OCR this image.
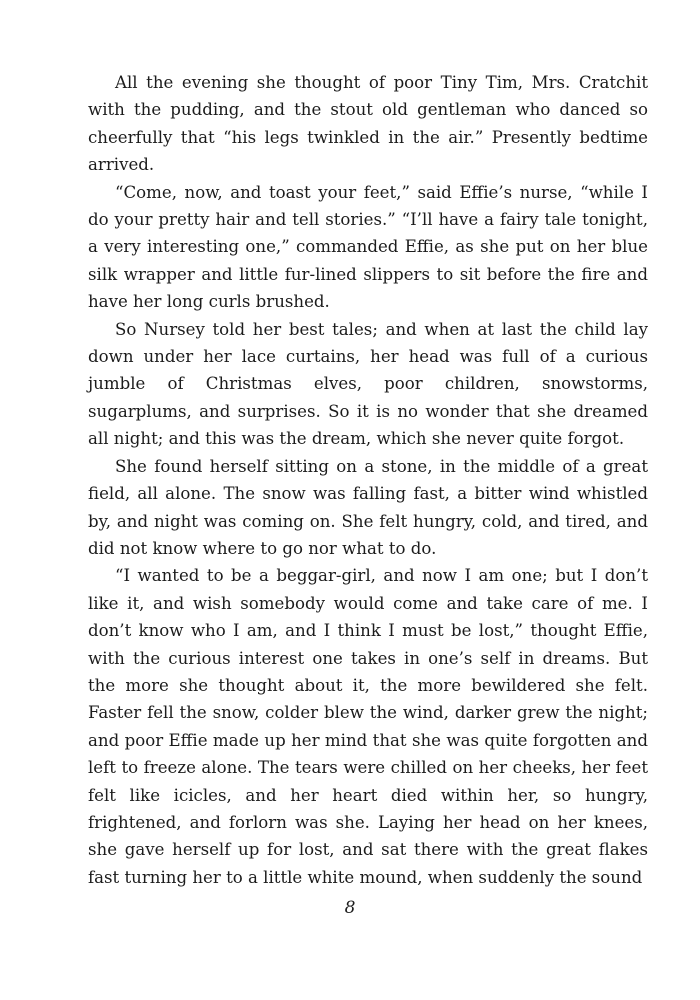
All the evening she thought of poor Tiny Tim, Mrs. Cratchit with the pudding, and the stout old gentleman who danced so cheerfully that “his legs twinkled in the air.” Presently bedtime arrived.

“Come, now, and toast your feet,” said Effie’s nurse, “while I do your pretty hair and tell stories.” “I’ll have a fairy tale tonight, a very interesting one,” commanded Effie, as she put on her blue silk wrapper and little fur-lined slippers to sit before the fire and have her long curls brushed.

So Nursey told her best tales; and when at last the child lay down under her lace curtains, her head was full of a curious jumble of Christmas elves, poor children, snowstorms, sugarplums, and surprises. So it is no wonder that she dreamed all night; and this was the dream, which she never quite forgot.

She found herself sitting on a stone, in the middle of a great field, all alone. The snow was falling fast, a bitter wind whistled by, and night was coming on. She felt hungry, cold, and tired, and did not know where to go nor what to do.

“I wanted to be a beggar-girl, and now I am one; but I don’t like it, and wish somebody would come and take care of me. I don’t know who I am, and I think I must be lost,” thought Effie, with the curious interest one takes in one’s self in dreams. But the more she thought about it, the more bewildered she felt. Faster fell the snow, colder blew the wind, darker grew the night; and poor Effie made up her mind that she was quite forgotten and left to freeze alone. The tears were chilled on her cheeks, her feet felt like icicles, and her heart died within her, so hungry, frightened, and forlorn was she. Laying her head on her knees, she gave herself up for lost, and sat there with the great flakes fast turning her to a little white mound, when suddenly the sound

8
